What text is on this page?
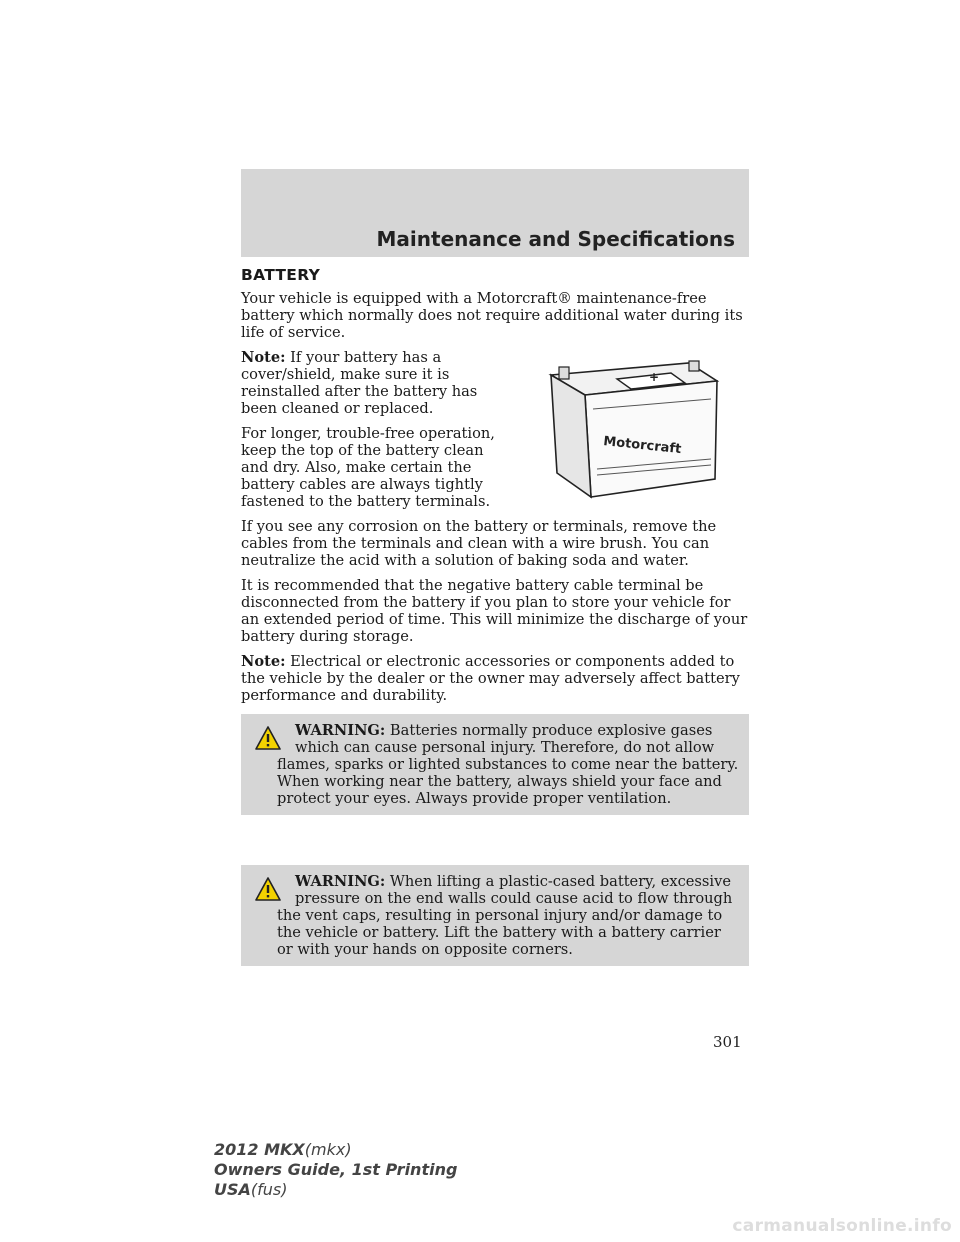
Maintenance and Specifications
BATTERY

Your vehicle is equipped with a Motorcraft® maintenance-free battery which normally does not require additional water during its life of service.

+
Motorcraft

Note: If your battery has a cover/shield, make sure it is reinstalled after the battery has been cleaned or replaced.

For longer, trouble-free operation, keep the top of the battery clean and dry. Also, make certain the battery cables are always tightly fastened to the battery terminals.

If you see any corrosion on the battery or terminals, remove the cables from the terminals and clean with a wire brush. You can neutralize the acid with a solution of baking soda and water.

It is recommended that the negative battery cable terminal be disconnected from the battery if you plan to store your vehicle for an extended period of time. This will minimize the discharge of your battery during storage.

Note: Electrical or electronic accessories or components added to the vehicle by the dealer or the owner may adversely affect battery performance and durability.

WARNING: Batteries normally produce explosive gases which can cause personal injury. Therefore, do not allow flames, sparks or lighted substances to come near the battery. When working near the battery, always shield your face and protect your eyes. Always provide proper ventilation.
WARNING: When lifting a plastic-cased battery, excessive pressure on the end walls could cause acid to flow through the vent caps, resulting in personal injury and/or damage to the vehicle or battery. Lift the battery with a battery carrier or with your hands on opposite corners.
301
2012 MKX(mkx)
Owners Guide, 1st Printing
USA(fus)
carmanualsonline.info
